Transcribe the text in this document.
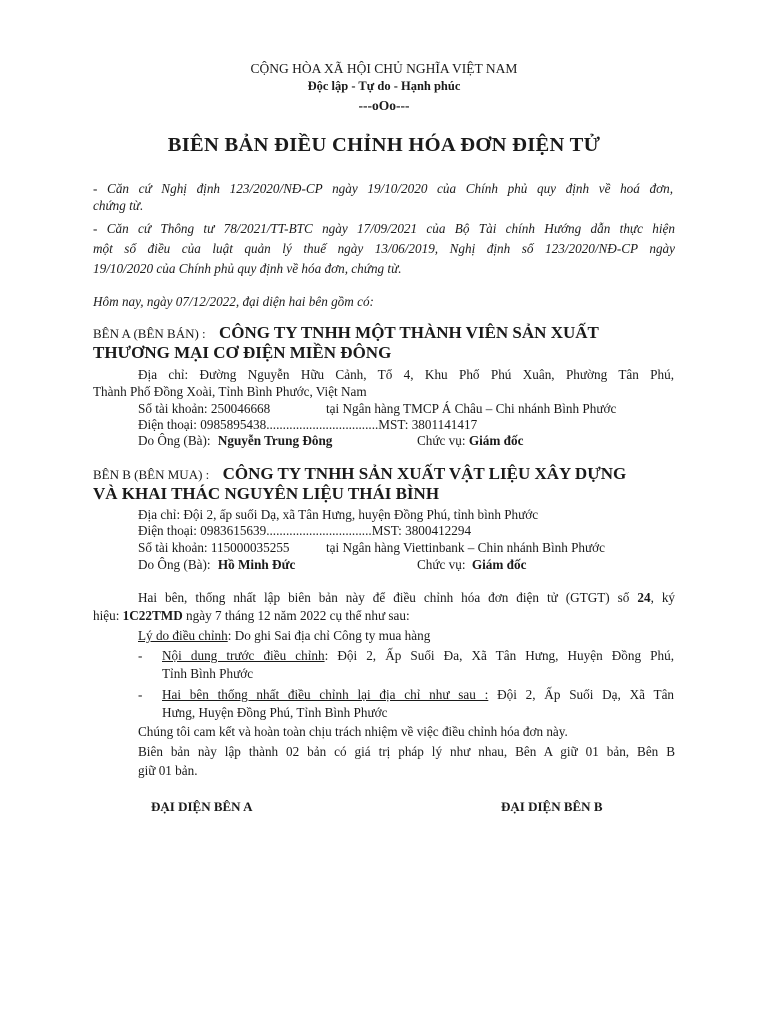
CỘNG HÒA XÃ HỘI CHỦ NGHĨA VIỆT NAM
Độc lập - Tự do - Hạnh phúc
---oOo---
BIÊN BẢN ĐIỀU CHỈNH HÓA ĐƠN ĐIỆN TỬ
- Căn cứ Nghị định 123/2020/NĐ-CP ngày 19/10/2020 của Chính phủ quy định về hoá đơn,
chứng từ.
- Căn cứ Thông tư 78/2021/TT-BTC ngày 17/09/2021 của Bộ Tài chính Hướng dẫn thực hiện
một số điều của luật quản lý thuế ngày 13/06/2019, Nghị định số 123/2020/NĐ-CP ngày
19/10/2020 của Chính phủ quy định về hóa đơn, chứng từ.
Hôm nay, ngày 07/12/2022, đại diện hai bên gồm có:
BÊN A (BÊN BÁN) : CÔNG TY TNHH MỘT THÀNH VIÊN SẢN XUẤT
THƯƠNG MẠI CƠ ĐIỆN MIỀN ĐÔNG
Địa chỉ: Đường Nguyễn Hữu Cảnh, Tổ 4, Khu Phố Phú Xuân, Phường Tân Phú,
Thành Phố Đồng Xoài, Tỉnh Bình Phước, Việt Nam
Số tài khoản: 250046668	tại Ngân hàng TMCP Á Châu – Chi nhánh Bình Phước
Điện thoại: 0985895438..................................MST: 3801141417
Do Ông (Bà): Nguyễn Trung Đông	Chức vụ: Giám đốc
BÊN B (BÊN MUA) : CÔNG TY TNHH SẢN XUẤT VẬT LIỆU XÂY DỰNG
VÀ KHAI THÁC NGUYÊN LIỆU THÁI BÌNH
Địa chỉ: Đội 2, ấp suối Dạ, xã Tân Hưng, huyện Đồng Phú, tỉnh bình Phước
Điện thoại: 0983615639................................MST: 3800412294
Số tài khoản: 115000035255	tại Ngân hàng Viettinbank – Chin nhánh Bình Phước
Do Ông (Bà): Hồ Minh Đức	Chức vụ: Giám đốc
Hai bên, thống nhất lập biên bản này để điều chỉnh hóa đơn điện tử (GTGT) số 24, ký
hiệu: 1C22TMD ngày 7 tháng 12 năm 2022 cụ thể như sau:
Lý do điều chỉnh: Do ghi Sai địa chỉ Công ty mua hàng
- Nội dung trước điều chỉnh: Đội 2, Ấp Suối Đa, Xã Tân Hưng, Huyện Đồng Phú,
Tỉnh Bình Phước
- Hai bên thống nhất điều chỉnh lại địa chỉ như sau : Đội 2, Ấp Suối Dạ, Xã Tân
Hưng, Huyện Đồng Phú, Tỉnh Bình Phước
Chúng tôi cam kết và hoàn toàn chịu trách nhiệm về việc điều chỉnh hóa đơn này.
Biên bản này lập thành 02 bản có giá trị pháp lý như nhau, Bên A giữ 01 bản, Bên B
giữ 01 bản.
ĐẠI DIỆN BÊN A	ĐẠI DIỆN BÊN B
